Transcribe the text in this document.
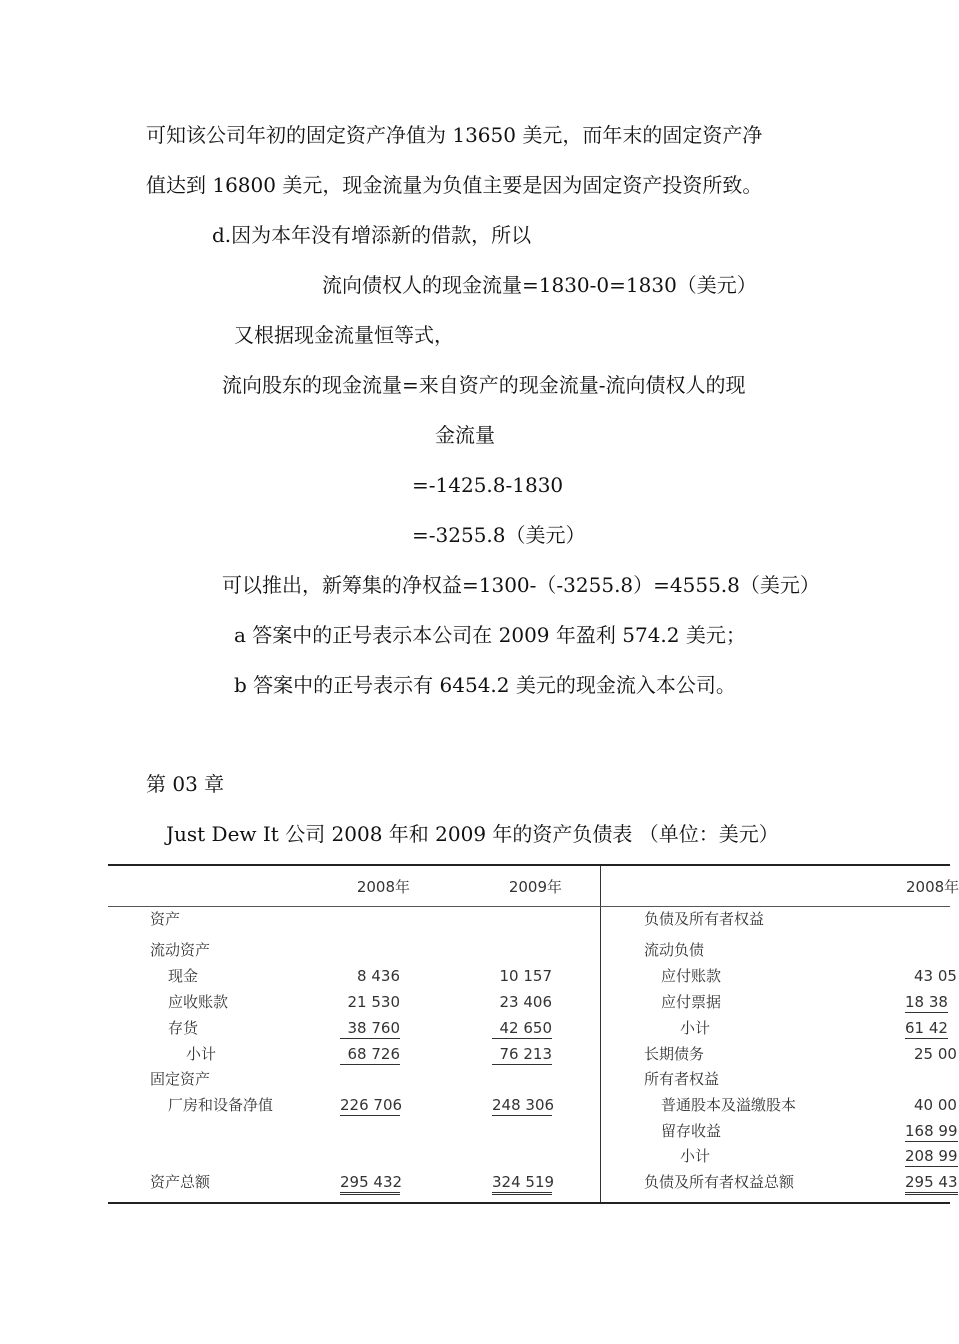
可知该公司年初的固定资产净值为 13650 美元，而年末的固定资产净
值达到 16800 美元，现金流量为负值主要是因为固定资产投资所致。
d.因为本年没有增添新的借款，所以
流向债权人的现金流量=1830-0=1830（美元）
又根据现金流量恒等式，
流向股东的现金流量=来自资产的现金流量-流向债权人的现
金流量
=-1425.8-1830
=-3255.8（美元）
可以推出，新筹集的净权益=1300-（-3255.8）=4555.8（美元）
a 答案中的正号表示本公司在 2009 年盈利 574.2 美元；
b 答案中的正号表示有 6454.2 美元的现金流入本公司。
第 03 章
Just Dew It 公司 2008 年和 2009 年的资产负债表 （单位：美元）
2008年	2009年	2008年
资产
流动资产
现金
应收账款
存货
小计
固定资产
厂房和设备净值
资产总额
8 436
21 530
38 760
68 726
226 706
295 432
10 157
23 406
42 650
76 213
248 306
324 519
负债及所有者权益
流动负债
应付账款
应付票据
小计
长期债务
所有者权益
普通股本及溢缴股本
留存收益
小计
负债及所有者权益总额
43 05
18 38
61 42
25 00
40 00
168 99
208 99
295 43
